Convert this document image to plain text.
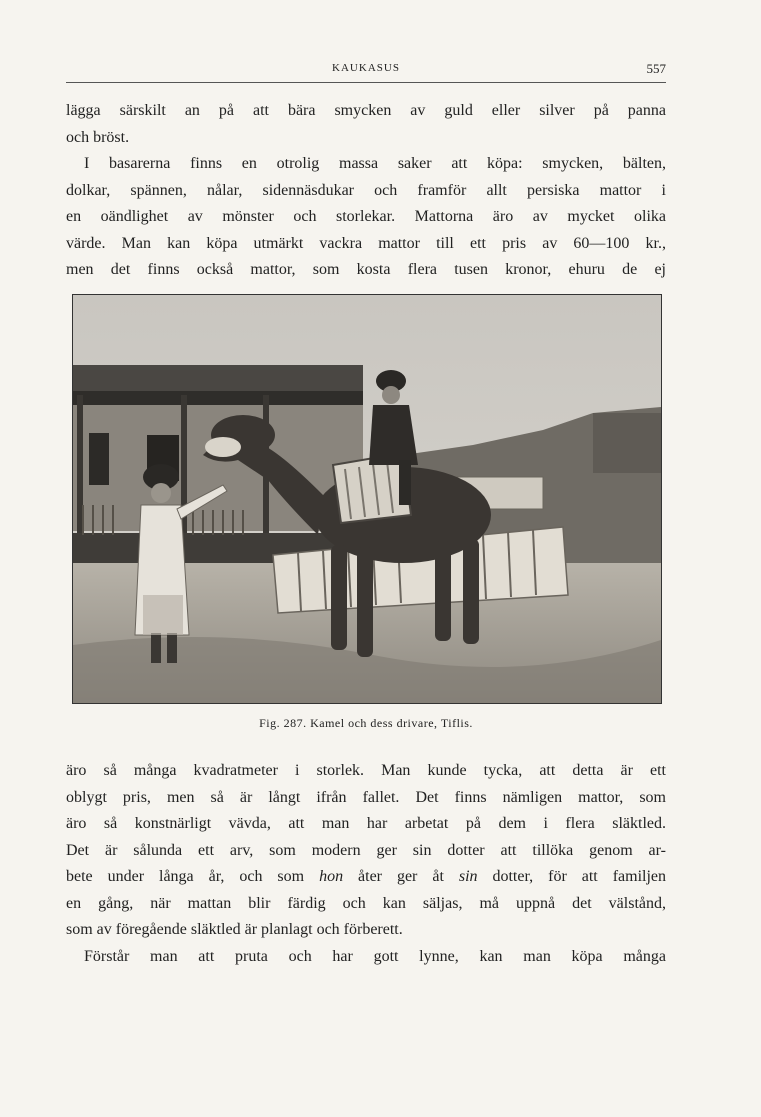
KAUKASUS	557
lägga särskilt an på att bära smycken av guld eller silver på panna
och bröst.
I basarerna finns en otrolig massa saker att köpa: smycken, bälten,
dolkar, spännen, nålar, sidennäsdukar och framför allt persiska mattor i
en oändlighet av mönster och storlekar. Mattorna äro av mycket olika
värde. Man kan köpa utmärkt vackra mattor till ett pris av 60—100 kr.,
men det finns också mattor, som kosta flera tusen kronor, ehuru de ej
Fig. 287. Kamel och dess drivare, Tiflis.
äro så många kvadratmeter i storlek. Man kunde tycka, att detta är ett
oblygt pris, men så är långt ifrån fallet. Det finns nämligen mattor, som
äro så konstnärligt vävda, att man har arbetat på dem i flera släktled.
Det är sålunda ett arv, som modern ger sin dotter att tillöka genom ar-
bete under långa år, och som hon åter ger åt sin dotter, för att familjen
en gång, när mattan blir färdig och kan säljas, må uppnå det välstånd,
som av föregående släktled är planlagt och förberett.
Förstår man att pruta och har gott lynne, kan man köpa många
